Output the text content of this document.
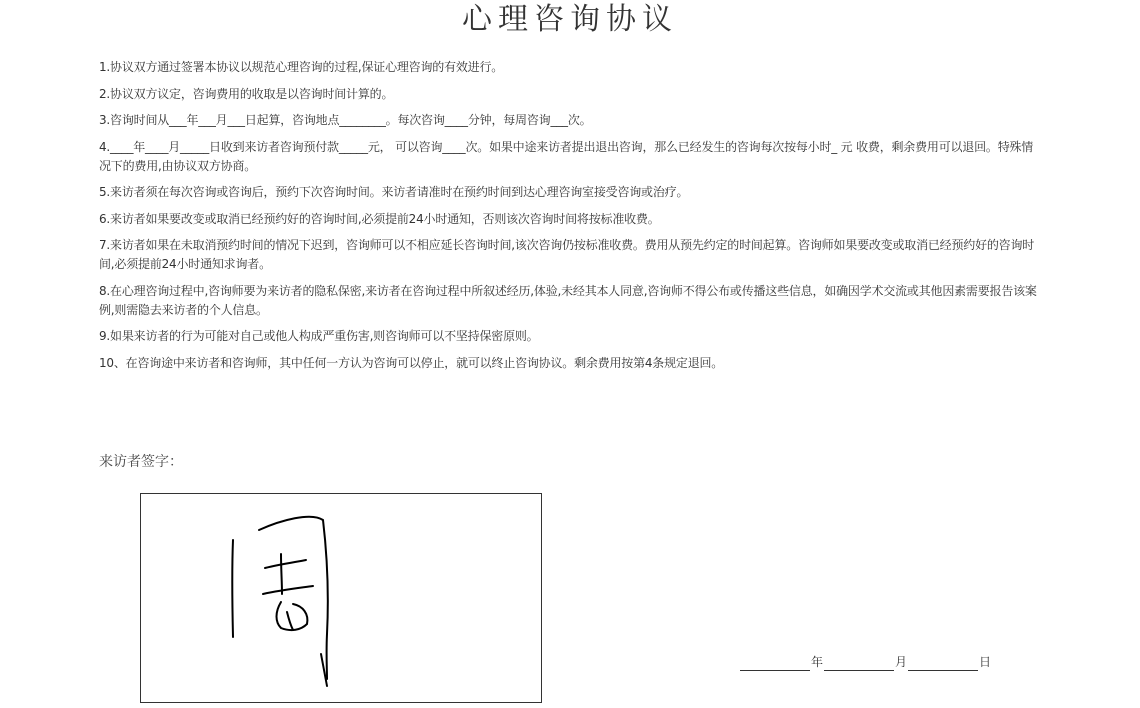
心理咨询协议

1.协议双方通过签署本协议以规范心理咨询的过程,保证心理咨询的有效进行。

2.协议双方议定，咨询费用的收取是以咨询时间计算的。

3.咨询时间从___年___月___日起算，咨询地点________。每次咨询____分钟，每周咨询___次。

4.____年____月_____日收到来访者咨询预付款_____元， 可以咨询____次。如果中途来访者提出退出咨询，那么已经发生的咨询每次按每小时_ 元 收费，剩余费用可以退回。特殊情况下的费用,由协议双方协商。

5.来访者须在每次咨询或咨询后，预约下次咨询时间。来访者请准时在预约时间到达心理咨询室接受咨询或治疗。

6.来访者如果要改变或取消已经预约好的咨询时间,必须提前24小时通知，否则该次咨询时间将按标准收费。

7.来访者如果在未取消预约时间的情况下迟到，咨询师可以不相应延长咨询时间,该次咨询仍按标准收费。费用从预先约定的时间起算。咨询师如果要改变或取消已经预约好的咨询时间,必须提前24小时通知求询者。

8.在心理咨询过程中,咨询师要为来访者的隐私保密,来访者在咨询过程中所叙述经历,体验,未经其本人同意,咨询师不得公布或传播这些信息，如确因学术交流或其他因素需要报告该案例,则需隐去来访者的个人信息。

9.如果来访者的行为可能对自己或他人构成严重伤害,则咨询师可以不坚持保密原则。

10、在咨询途中来访者和咨询师，其中任何一方认为咨询可以停止，就可以终止咨询协议。剩余费用按第4条规定退回。

来访者签字：
年	月	日
